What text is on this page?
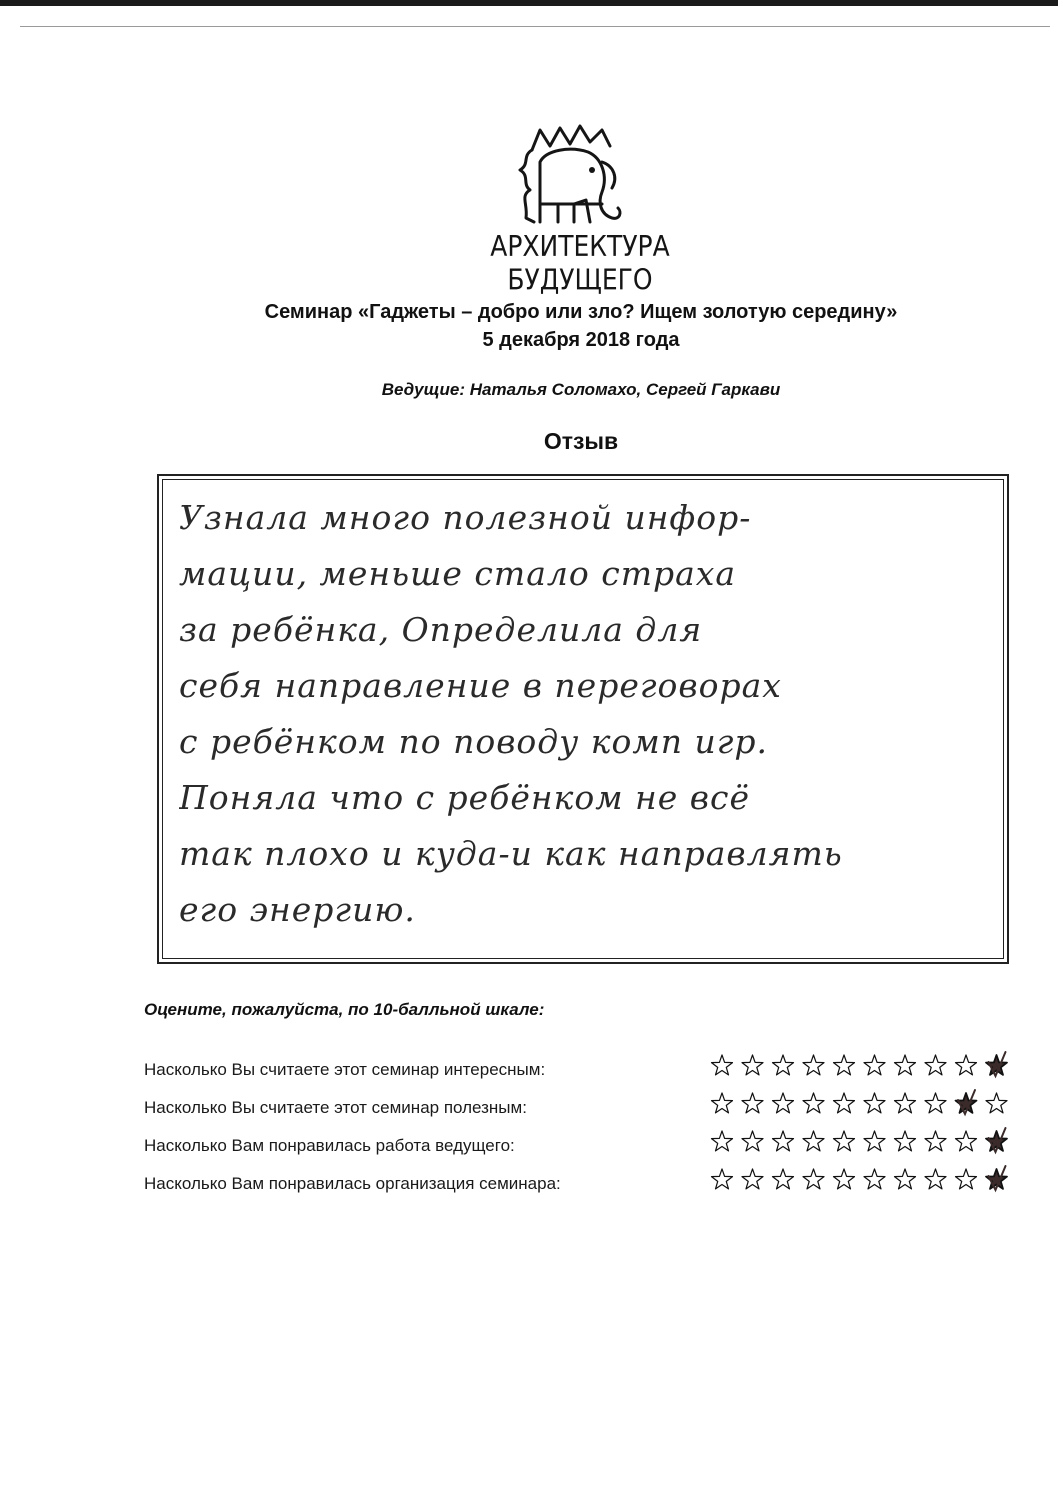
АРХИТЕКТУРА БУДУЩЕГО
Семинар «Гаджеты – добро или зло? Ищем золотую середину»
5 декабря 2018 года
Ведущие: Наталья Соломахо, Сергей Гаркави
Отзыв
Узнала много полезной инфор-
мации, меньше стало страха
за ребёнка, Определила для
себя направление в переговорах
с ребёнком по поводу комп игр.
Поняла что с ребёнком не всё
так плохо и куда-и как направлять
его энергию.
Оцените, пожалуйста, по 10-балльной шкале:
Насколько Вы считаете этот семинар интересным:
Насколько Вы считаете этот семинар полезным:
Насколько Вам понравилась работа ведущего:
Насколько Вам понравилась организация семинара:
